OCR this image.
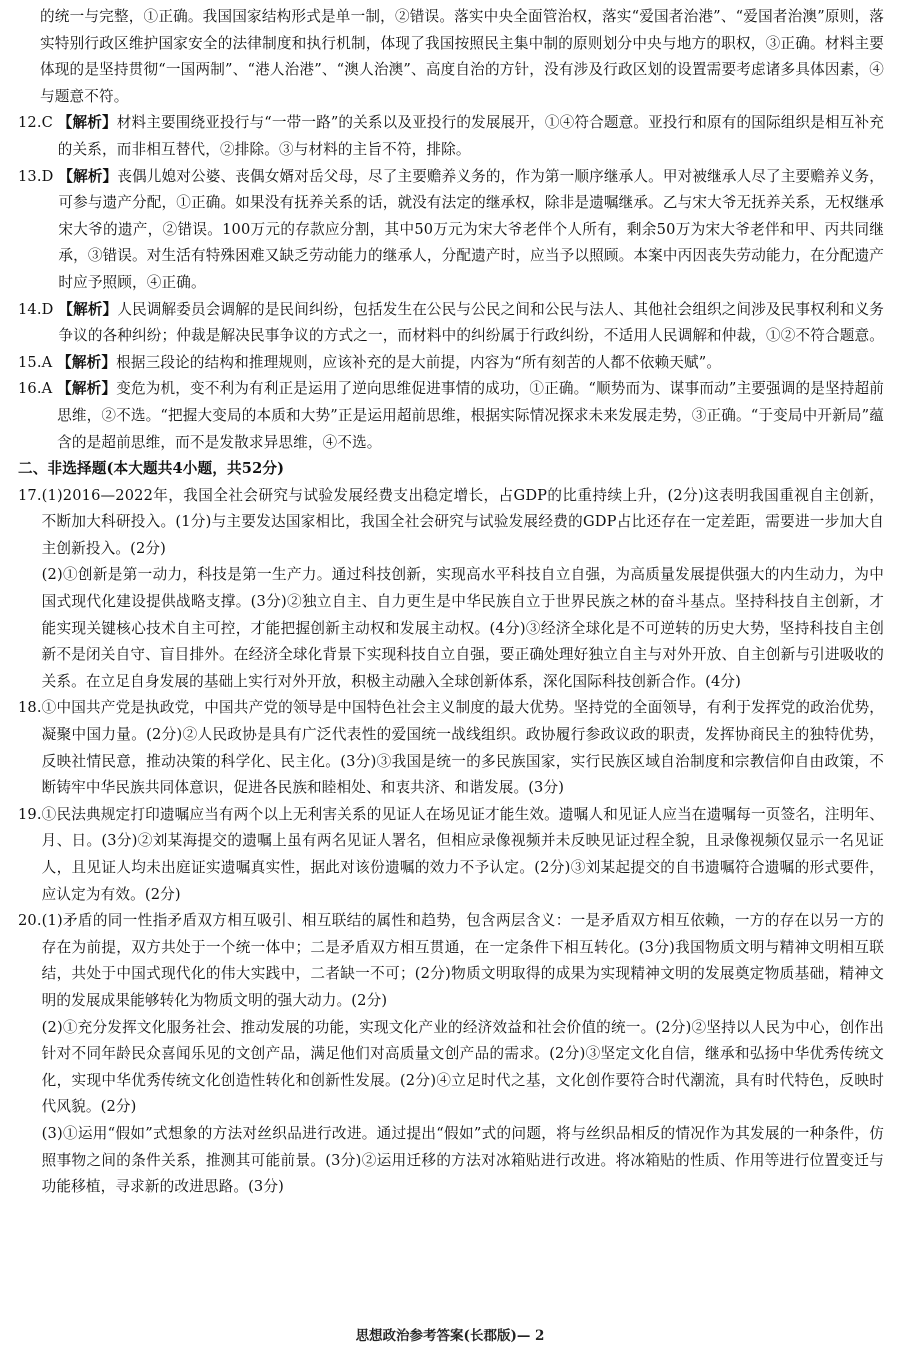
的统一与完整，①正确。我国国家结构形式是单一制，②错误。落实中央全面管治权，落实“爱国者治港”、“爱国者治澳”原则，落实特别行政区维护国家安全的法律制度和执行机制，体现了我国按照民主集中制的原则划分中央与地方的职权，③正确。材料主要体现的是坚持贯彻“一国两制”、“港人治港”、“澳人治澳”、高度自治的方针，没有涉及行政区划的设置需要考虑诸多具体因素，④与题意不符。

12.C 【解析】材料主要围绕亚投行与“一带一路”的关系以及亚投行的发展展开，①④符合题意。亚投行和原有的国际组织是相互补充的关系，而非相互替代，②排除。③与材料的主旨不符，排除。
13.D 【解析】丧偶儿媳对公婆、丧偶女婿对岳父母，尽了主要赡养义务的，作为第一顺序继承人。甲对被继承人尽了主要赡养义务，可参与遗产分配，①正确。如果没有抚养关系的话，就没有法定的继承权，除非是遗嘱继承。乙与宋大爷无抚养关系，无权继承宋大爷的遗产，②错误。100万元的存款应分割，其中50万元为宋大爷老伴个人所有，剩余50万为宋大爷老伴和甲、丙共同继承，③错误。对生活有特殊困难又缺乏劳动能力的继承人，分配遗产时，应当予以照顾。本案中丙因丧失劳动能力，在分配遗产时应予照顾，④正确。
14.D 【解析】人民调解委员会调解的是民间纠纷，包括发生在公民与公民之间和公民与法人、其他社会组织之间涉及民事权利和义务争议的各种纠纷；仲裁是解决民事争议的方式之一，而材料中的纠纷属于行政纠纷，不适用人民调解和仲裁，①②不符合题意。
15.A 【解析】根据三段论的结构和推理规则，应该补充的是大前提，内容为“所有刻苦的人都不依赖天赋”。
16.A 【解析】变危为机，变不利为有利正是运用了逆向思维促进事情的成功，①正确。“顺势而为、谋事而动”主要强调的是坚持超前思维，②不选。“把握大变局的本质和大势”正是运用超前思维，根据实际情况探求未来发展走势，③正确。“于变局中开新局”蕴含的是超前思维，而不是发散求异思维，④不选。

二、非选择题(本大题共4小题，共52分)

17. (1)2016—2022年，我国全社会研究与试验发展经费支出稳定增长，占GDP的比重持续上升，(2分)这表明我国重视自主创新，不断加大科研投入。(1分)与主要发达国家相比，我国全社会研究与试验发展经费的GDP占比还存在一定差距，需要进一步加大自主创新投入。(2分)
(2)①创新是第一动力，科技是第一生产力。通过科技创新，实现高水平科技自立自强，为高质量发展提供强大的内生动力，为中国式现代化建设提供战略支撑。(3分)②独立自主、自力更生是中华民族自立于世界民族之林的奋斗基点。坚持科技自主创新，才能实现关键核心技术自主可控，才能把握创新主动权和发展主动权。(4分)③经济全球化是不可逆转的历史大势，坚持科技自主创新不是闭关自守、盲目排外。在经济全球化背景下实现科技自立自强，要正确处理好独立自主与对外开放、自主创新与引进吸收的关系。在立足自身发展的基础上实行对外开放，积极主动融入全球创新体系，深化国际科技创新合作。(4分)
18. ①中国共产党是执政党，中国共产党的领导是中国特色社会主义制度的最大优势。坚持党的全面领导，有利于发挥党的政治优势，凝聚中国力量。(2分)②人民政协是具有广泛代表性的爱国统一战线组织。政协履行参政议政的职责，发挥协商民主的独特优势，反映社情民意，推动决策的科学化、民主化。(3分)③我国是统一的多民族国家，实行民族区域自治制度和宗教信仰自由政策，不断铸牢中华民族共同体意识，促进各民族和睦相处、和衷共济、和谐发展。(3分)
19. ①民法典规定打印遗嘱应当有两个以上无利害关系的见证人在场见证才能生效。遗嘱人和见证人应当在遗嘱每一页签名，注明年、月、日。(3分)②刘某海提交的遗嘱上虽有两名见证人署名，但相应录像视频并未反映见证过程全貌，且录像视频仅显示一名见证人，且见证人均未出庭证实遗嘱真实性，据此对该份遗嘱的效力不予认定。(2分)③刘某起提交的自书遗嘱符合遗嘱的形式要件，应认定为有效。(2分)
20. (1)矛盾的同一性指矛盾双方相互吸引、相互联结的属性和趋势，包含两层含义：一是矛盾双方相互依赖，一方的存在以另一方的存在为前提，双方共处于一个统一体中；二是矛盾双方相互贯通，在一定条件下相互转化。(3分)我国物质文明与精神文明相互联结，共处于中国式现代化的伟大实践中，二者缺一不可；(2分)物质文明取得的成果为实现精神文明的发展奠定物质基础，精神文明的发展成果能够转化为物质文明的强大动力。(2分)
(2)①充分发挥文化服务社会、推动发展的功能，实现文化产业的经济效益和社会价值的统一。(2分)②坚持以人民为中心，创作出针对不同年龄民众喜闻乐见的文创产品，满足他们对高质量文创产品的需求。(2分)③坚定文化自信，继承和弘扬中华优秀传统文化，实现中华优秀传统文化创造性转化和创新性发展。(2分)④立足时代之基，文化创作要符合时代潮流，具有时代特色，反映时代风貌。(2分)
(3)①运用“假如”式想象的方法对丝织品进行改进。通过提出“假如”式的问题，将与丝织品相反的情况作为其发展的一种条件，仿照事物之间的条件关系，推测其可能前景。(3分)②运用迁移的方法对冰箱贴进行改进。将冰箱贴的性质、作用等进行位置变迁与功能移植，寻求新的改进思路。(3分)
思想政治参考答案(长郡版)— 2
